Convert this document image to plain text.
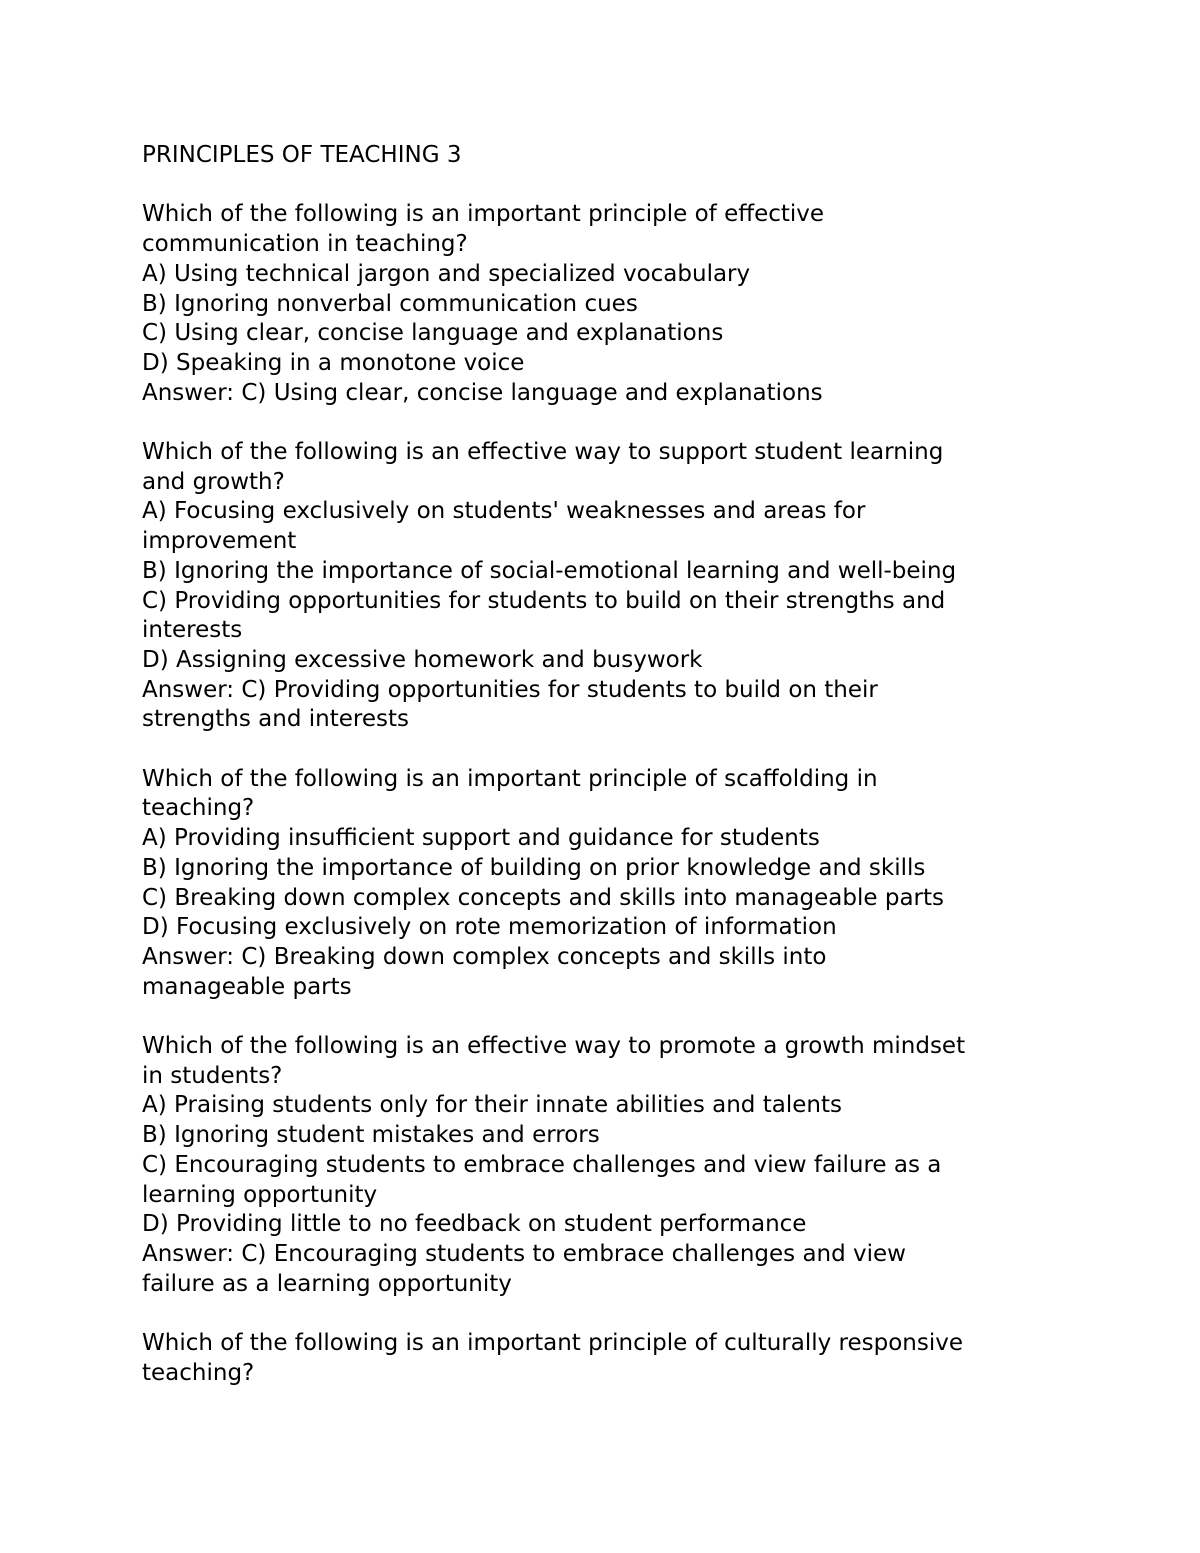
PRINCIPLES OF TEACHING 3
Which of the following is an important principle of effective
communication in teaching?
A) Using technical jargon and specialized vocabulary
B) Ignoring nonverbal communication cues
C) Using clear, concise language and explanations
D) Speaking in a monotone voice
Answer: C) Using clear, concise language and explanations
Which of the following is an effective way to support student learning
and growth?
A) Focusing exclusively on students' weaknesses and areas for
improvement
B) Ignoring the importance of social-emotional learning and well-being
C) Providing opportunities for students to build on their strengths and
interests
D) Assigning excessive homework and busywork
Answer: C) Providing opportunities for students to build on their
strengths and interests
Which of the following is an important principle of scaffolding in
teaching?
A) Providing insufficient support and guidance for students
B) Ignoring the importance of building on prior knowledge and skills
C) Breaking down complex concepts and skills into manageable parts
D) Focusing exclusively on rote memorization of information
Answer: C) Breaking down complex concepts and skills into
manageable parts
Which of the following is an effective way to promote a growth mindset
in students?
A) Praising students only for their innate abilities and talents
B) Ignoring student mistakes and errors
C) Encouraging students to embrace challenges and view failure as a
learning opportunity
D) Providing little to no feedback on student performance
Answer: C) Encouraging students to embrace challenges and view
failure as a learning opportunity
Which of the following is an important principle of culturally responsive
teaching?
